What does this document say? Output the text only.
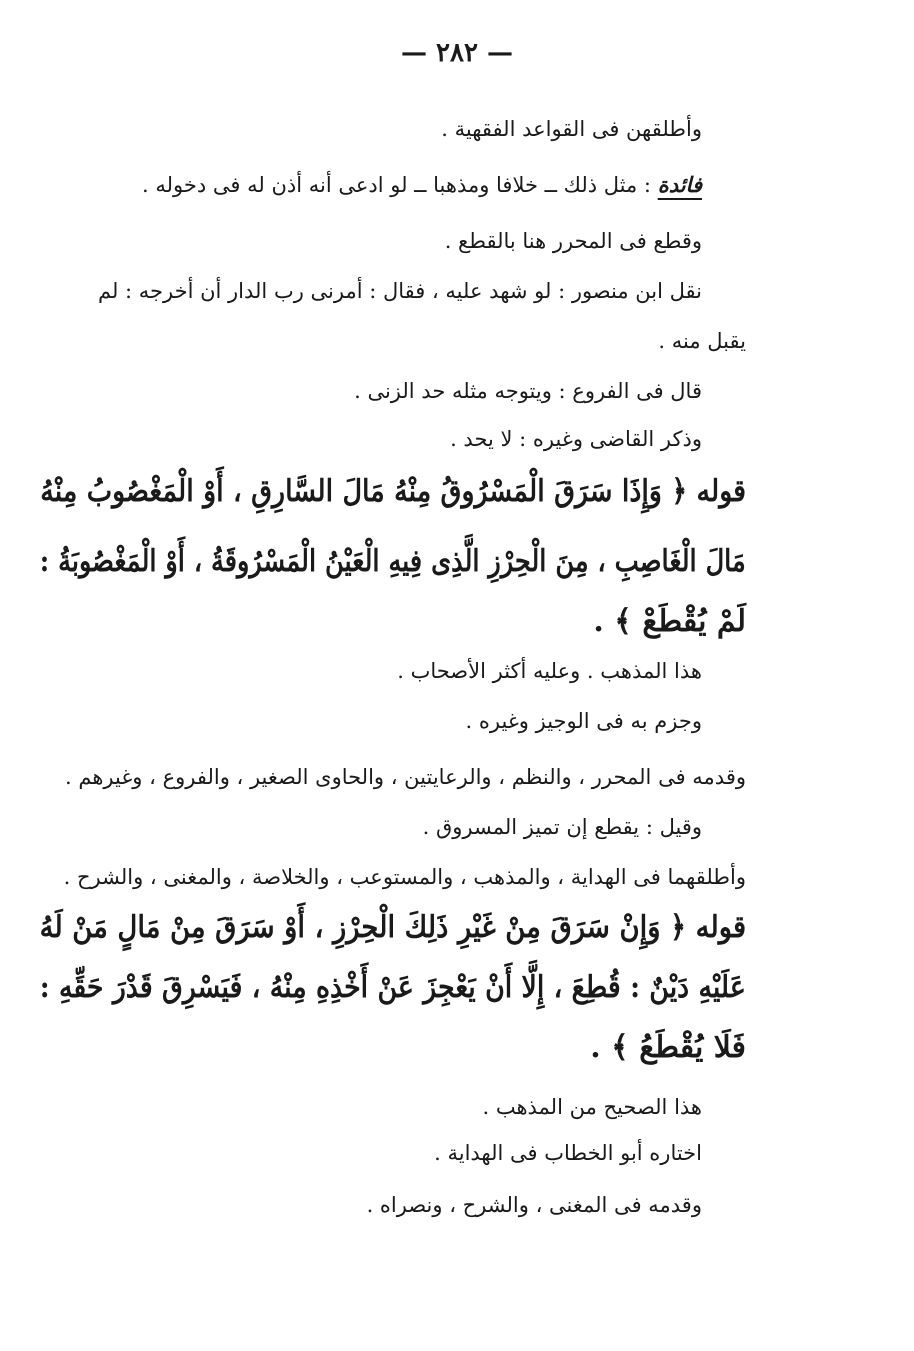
— ٢٨٢ —
وأطلقهن فى القواعد الفقهية .
فائدة : مثل ذلك ــ خلافا ومذهبا ــ لو ادعى أنه أذن له فى دخوله .
وقطع فى المحرر هنا بالقطع .
نقل ابن منصور : لو شهد عليه ، فقال : أمرنى رب الدار أن أخرجه : لم
يقبل منه .
قال فى الفروع : ويتوجه مثله حد الزنى .
وذكر القاضى وغيره : لا يحد .
قوله ﴿ وَإِذَا سَرَقَ الْمَسْرُوقُ مِنْهُ مَالَ السَّارِقِ ، أَوْ الْمَغْصُوبُ مِنْهُ
مَالَ الْغَاصِبِ ، مِنَ الْحِرْزِ الَّذِى فِيهِ الْعَيْنُ الْمَسْرُوقَةُ ، أَوْ الْمَغْصُوبَةُ :
لَمْ يُقْطَعْ ﴾ .
هذا المذهب . وعليه أكثر الأصحاب .
وجزم به فى الوجيز وغيره .
وقدمه فى المحرر ، والنظم ، والرعايتين ، والحاوى الصغير ، والفروع ، وغيرهم .
وقيل : يقطع إن تميز المسروق .
وأطلقهما فى الهداية ، والمذهب ، والمستوعب ، والخلاصة ، والمغنى ، والشرح .
قوله ﴿ وَإِنْ سَرَقَ مِنْ غَيْرِ ذَلِكَ الْحِرْزِ ، أَوْ سَرَقَ مِنْ مَالٍ مَنْ لَهُ
عَلَيْهِ دَيْنٌ : قُطِعَ ، إِلَّا أَنْ يَعْجِزَ عَنْ أَخْذِهِ مِنْهُ ، فَيَسْرِقَ قَدْرَ حَقِّهِ :
فَلَا يُقْطَعُ ﴾ .
هذا الصحيح من المذهب .
اختاره أبو الخطاب فى الهداية .
وقدمه فى المغنى ، والشرح ، ونصراه .
